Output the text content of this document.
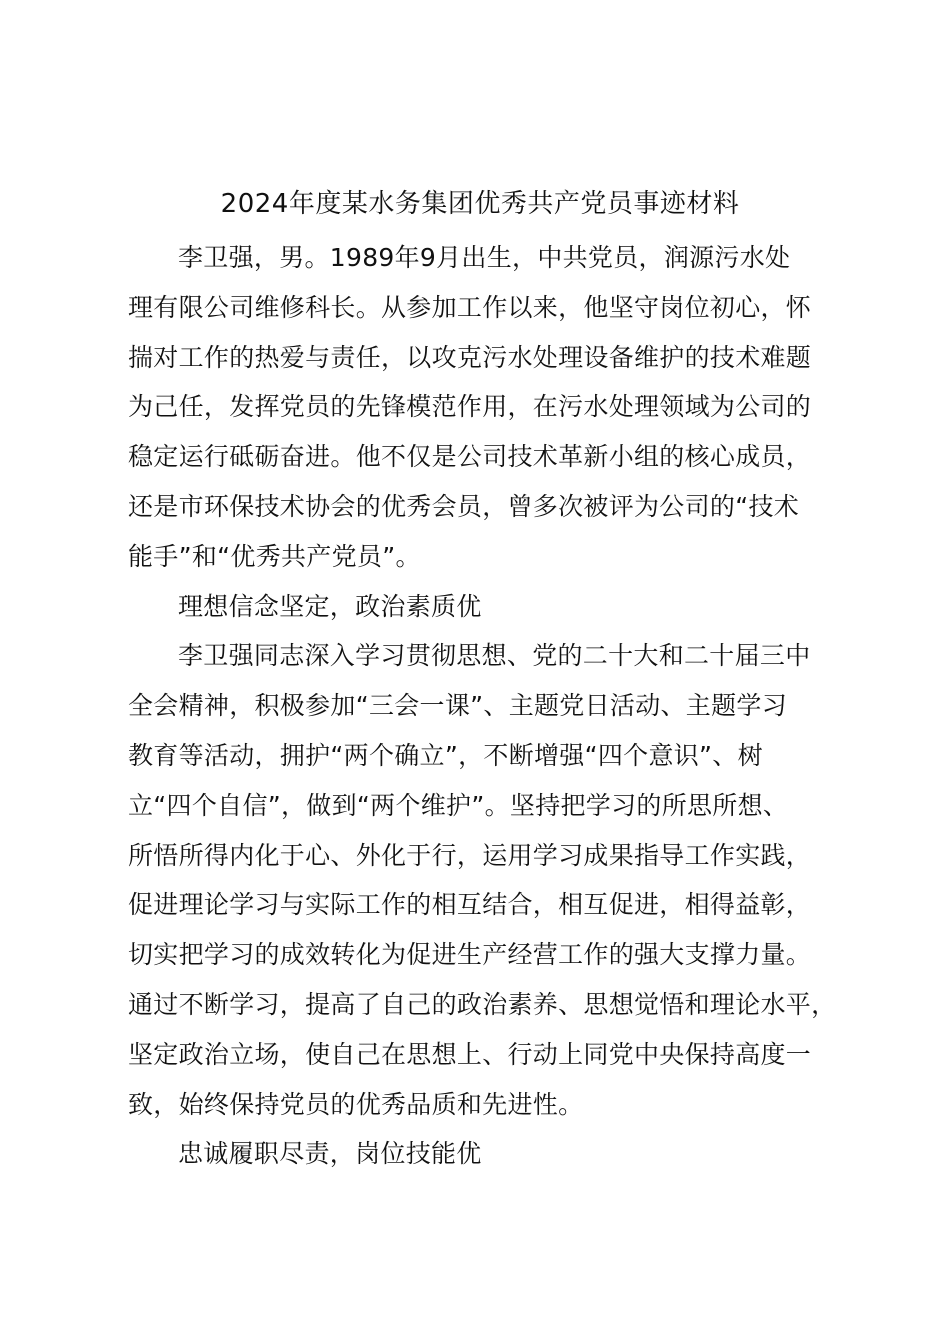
2024年度某水务集团优秀共产党员事迹材料
李卫强，男。1989年9月出生，中共党员，润源污水处
理有限公司维修科长。从参加工作以来，他坚守岗位初心，怀
揣对工作的热爱与责任，以攻克污水处理设备维护的技术难题
为己任，发挥党员的先锋模范作用，在污水处理领域为公司的
稳定运行砥砺奋进。他不仅是公司技术革新小组的核心成员，
还是市环保技术协会的优秀会员，曾多次被评为公司的“技术
能手”和“优秀共产党员”。
理想信念坚定，政治素质优
李卫强同志深入学习贯彻思想、党的二十大和二十届三中
全会精神，积极参加“三会一课”、主题党日活动、主题学习
教育等活动，拥护“两个确立”，不断增强“四个意识”、树
立“四个自信”，做到“两个维护”。坚持把学习的所思所想、
所悟所得内化于心、外化于行，运用学习成果指导工作实践，
促进理论学习与实际工作的相互结合，相互促进，相得益彰，
切实把学习的成效转化为促进生产经营工作的强大支撑力量。
通过不断学习，提高了自己的政治素养、思想觉悟和理论水平，
坚定政治立场，使自己在思想上、行动上同党中央保持高度一
致，始终保持党员的优秀品质和先进性。
忠诚履职尽责，岗位技能优
